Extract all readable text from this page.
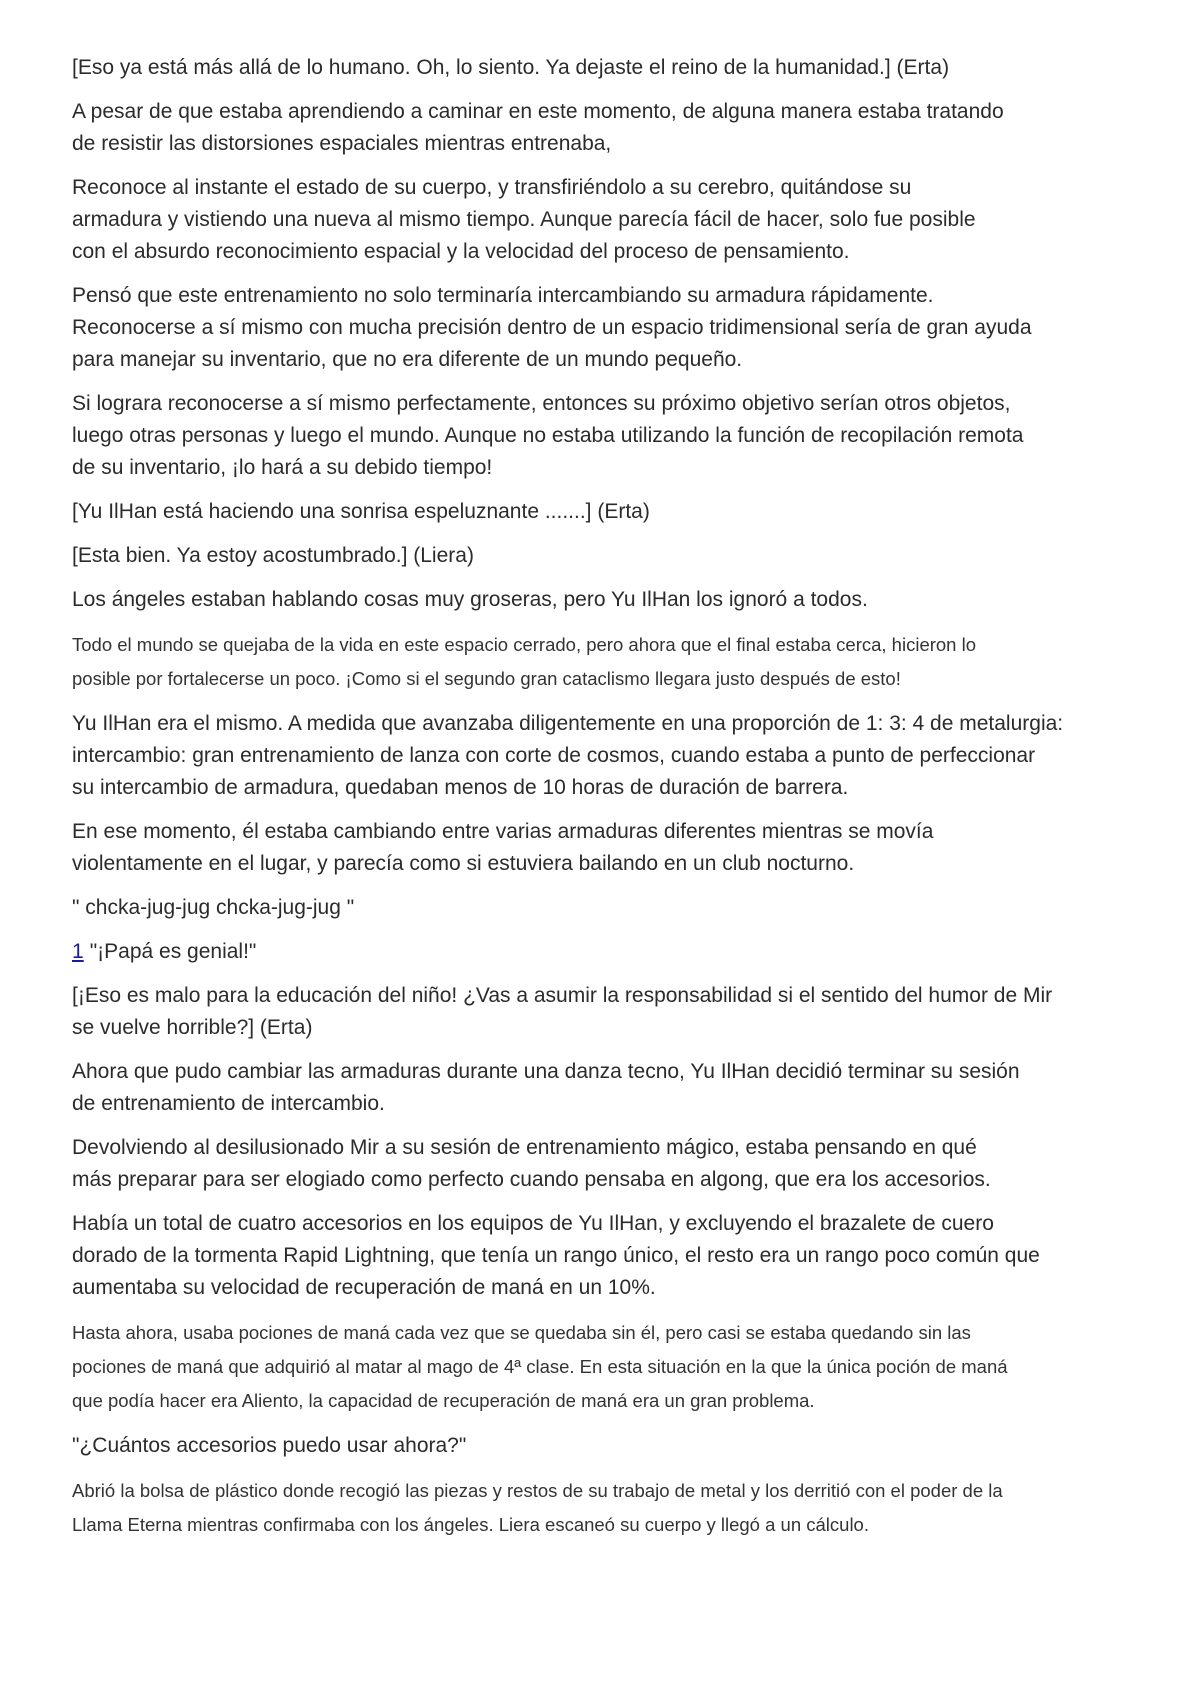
[Eso ya está más allá de lo humano. Oh, lo siento. Ya dejaste el reino de la humanidad.] (Erta)

A pesar de que estaba aprendiendo a caminar en este momento, de alguna manera estaba tratando
de resistir las distorsiones espaciales mientras entrenaba,

Reconoce al instante el estado de su cuerpo, y transfiriéndolo a su cerebro, quitándose su
armadura y vistiendo una nueva al mismo tiempo. Aunque parecía fácil de hacer, solo fue posible
con el absurdo reconocimiento espacial y la velocidad del proceso de pensamiento.

Pensó que este entrenamiento no solo terminaría intercambiando su armadura rápidamente.
Reconocerse a sí mismo con mucha precisión dentro de un espacio tridimensional sería de gran ayuda
para manejar su inventario, que no era diferente de un mundo pequeño.

Si lograra reconocerse a sí mismo perfectamente, entonces su próximo objetivo serían otros objetos,
luego otras personas y luego el mundo. Aunque no estaba utilizando la función de recopilación remota
de su inventario, ¡lo hará a su debido tiempo!

[Yu IlHan está haciendo una sonrisa espeluznante .......] (Erta)

[Esta bien. Ya estoy acostumbrado.] (Liera)

Los ángeles estaban hablando cosas muy groseras, pero Yu IlHan los ignoró a todos.

Todo el mundo se quejaba de la vida en este espacio cerrado, pero ahora que el final estaba cerca, hicieron lo
posible por fortalecerse un poco. ¡Como si el segundo gran cataclismo llegara justo después de esto!

Yu IlHan era el mismo. A medida que avanzaba diligentemente en una proporción de 1: 3: 4 de metalurgia:
intercambio: gran entrenamiento de lanza con corte de cosmos, cuando estaba a punto de perfeccionar
su intercambio de armadura, quedaban menos de 10 horas de duración de barrera.

En ese momento, él estaba cambiando entre varias armaduras diferentes mientras se movía
violentamente en el lugar, y parecía como si estuviera bailando en un club nocturno.

" chcka-jug-jug chcka-jug-jug "

1 "¡Papá es genial!"

[¡Eso es malo para la educación del niño! ¿Vas a asumir la responsabilidad si el sentido del humor de Mir
se vuelve horrible?] (Erta)

Ahora que pudo cambiar las armaduras durante una danza tecno, Yu IlHan decidió terminar su sesión
de entrenamiento de intercambio.

Devolviendo al desilusionado Mir a su sesión de entrenamiento mágico, estaba pensando en qué
más preparar para ser elogiado como perfecto cuando pensaba en algong, que era los accesorios.

Había un total de cuatro accesorios en los equipos de Yu IlHan, y excluyendo el brazalete de cuero
dorado de la tormenta Rapid Lightning, que tenía un rango único, el resto era un rango poco común que
aumentaba su velocidad de recuperación de maná en un 10%.

Hasta ahora, usaba pociones de maná cada vez que se quedaba sin él, pero casi se estaba quedando sin las
pociones de maná que adquirió al matar al mago de 4ª clase. En esta situación en la que la única poción de maná
que podía hacer era Aliento, la capacidad de recuperación de maná era un gran problema.

"¿Cuántos accesorios puedo usar ahora?"

Abrió la bolsa de plástico donde recogió las piezas y restos de su trabajo de metal y los derritió con el poder de la
Llama Eterna mientras confirmaba con los ángeles. Liera escaneó su cuerpo y llegó a un cálculo.
